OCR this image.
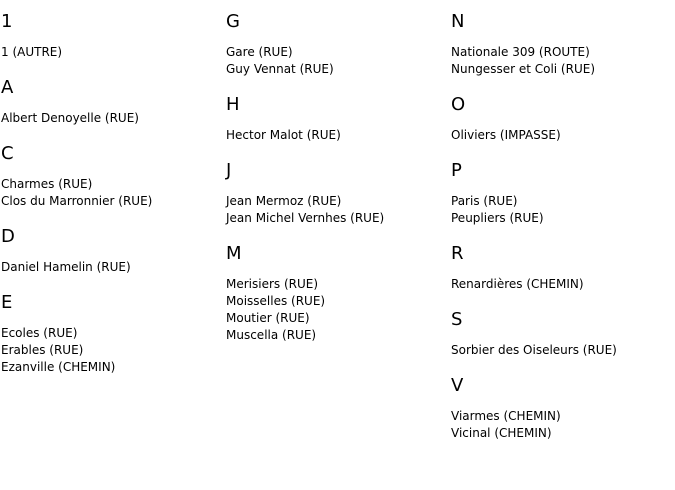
1
1 (AUTRE)
A
Albert Denoyelle (RUE)
C
Charmes (RUE)
Clos du Marronnier (RUE)
D
Daniel Hamelin (RUE)
E
Ecoles (RUE)
Erables (RUE)
Ezanville (CHEMIN)
G
Gare (RUE)
Guy Vennat (RUE)
H
Hector Malot (RUE)
J
Jean Mermoz (RUE)
Jean Michel Vernhes (RUE)
M
Merisiers (RUE)
Moisselles (RUE)
Moutier (RUE)
Muscella (RUE)
N
Nationale 309 (ROUTE)
Nungesser et Coli (RUE)
O
Oliviers (IMPASSE)
P
Paris (RUE)
Peupliers (RUE)
R
Renardières (CHEMIN)
S
Sorbier des Oiseleurs (RUE)
V
Viarmes (CHEMIN)
Vicinal (CHEMIN)
